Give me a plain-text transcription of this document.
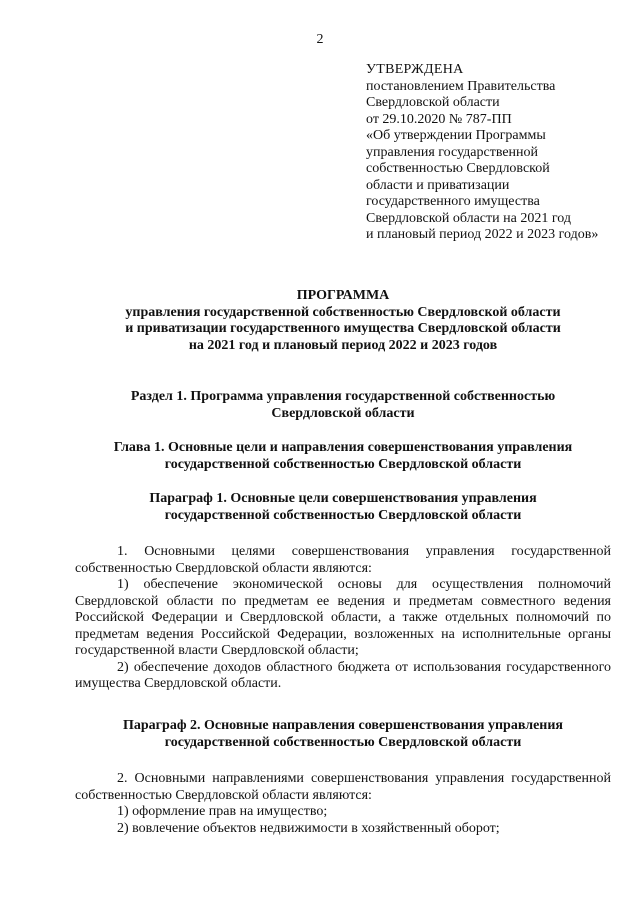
2
УТВЕРЖДЕНА
постановлением Правительства
Свердловской области
от 29.10.2020 № 787-ПП
«Об утверждении Программы
управления государственной
собственностью Свердловской
области и приватизации
государственного имущества
Свердловской области на 2021 год
и плановый период 2022 и 2023 годов»
ПРОГРАММА
управления государственной собственностью Свердловской области
и приватизации государственного имущества Свердловской области
на 2021 год и плановый период 2022 и 2023 годов
Раздел 1. Программа управления государственной собственностью
Свердловской области
Глава 1. Основные цели и направления совершенствования управления
государственной собственностью Свердловской области
Параграф 1. Основные цели совершенствования управления
государственной собственностью Свердловской области

1. Основными целями совершенствования управления государственной собственностью Свердловской области являются:

1) обеспечение экономической основы для осуществления полномочий Свердловской области по предметам ее ведения и предметам совместного ведения Российской Федерации и Свердловской области, а также отдельных полномочий по предметам ведения Российской Федерации, возложенных на исполнительные органы государственной власти Свердловской области;

2) обеспечение доходов областного бюджета от использования государственного имущества Свердловской области.

Параграф 2. Основные направления совершенствования управления
государственной собственностью Свердловской области

2. Основными направлениями совершенствования управления государственной собственностью Свердловской области являются:

1) оформление прав на имущество;

2) вовлечение объектов недвижимости в хозяйственный оборот;
